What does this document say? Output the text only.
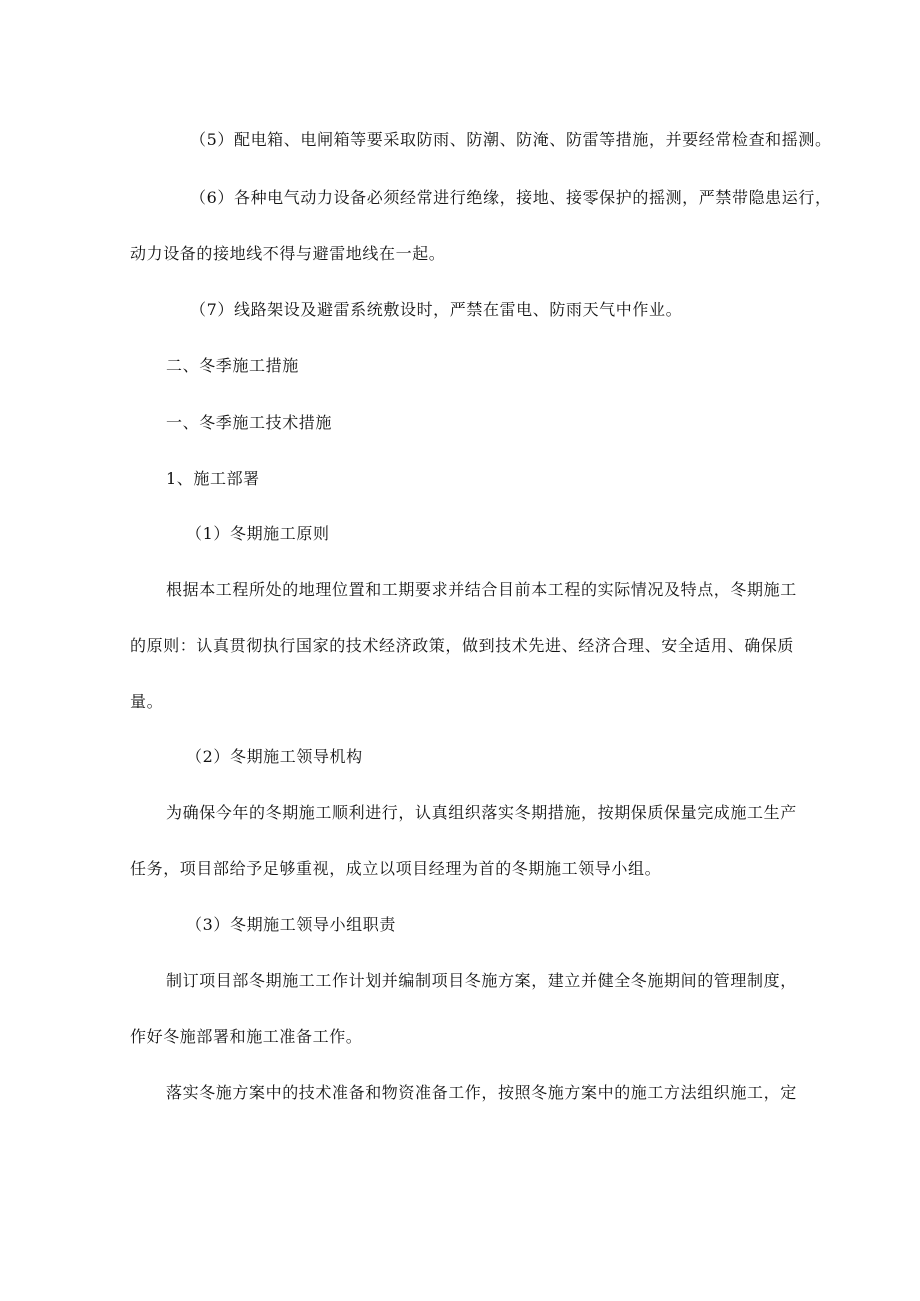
（5）配电箱、电闸箱等要采取防雨、防潮、防淹、防雷等措施，并要经常检查和摇测。
（6）各种电气动力设备必须经常进行绝缘，接地、接零保护的摇测，严禁带隐患运行，
动力设备的接地线不得与避雷地线在一起。
（7）线路架设及避雷系统敷设时，严禁在雷电、防雨天气中作业。
二、冬季施工措施
一、冬季施工技术措施
1、施工部署
（1）冬期施工原则
根据本工程所处的地理位置和工期要求并结合目前本工程的实际情况及特点，冬期施工
的原则：认真贯彻执行国家的技术经济政策，做到技术先进、经济合理、安全适用、确保质
量。
（2）冬期施工领导机构
为确保今年的冬期施工顺利进行，认真组织落实冬期措施，按期保质保量完成施工生产
任务，项目部给予足够重视，成立以项目经理为首的冬期施工领导小组。
（3）冬期施工领导小组职责
制订项目部冬期施工工作计划并编制项目冬施方案，建立并健全冬施期间的管理制度，
作好冬施部署和施工准备工作。
落实冬施方案中的技术准备和物资准备工作，按照冬施方案中的施工方法组织施工，定
